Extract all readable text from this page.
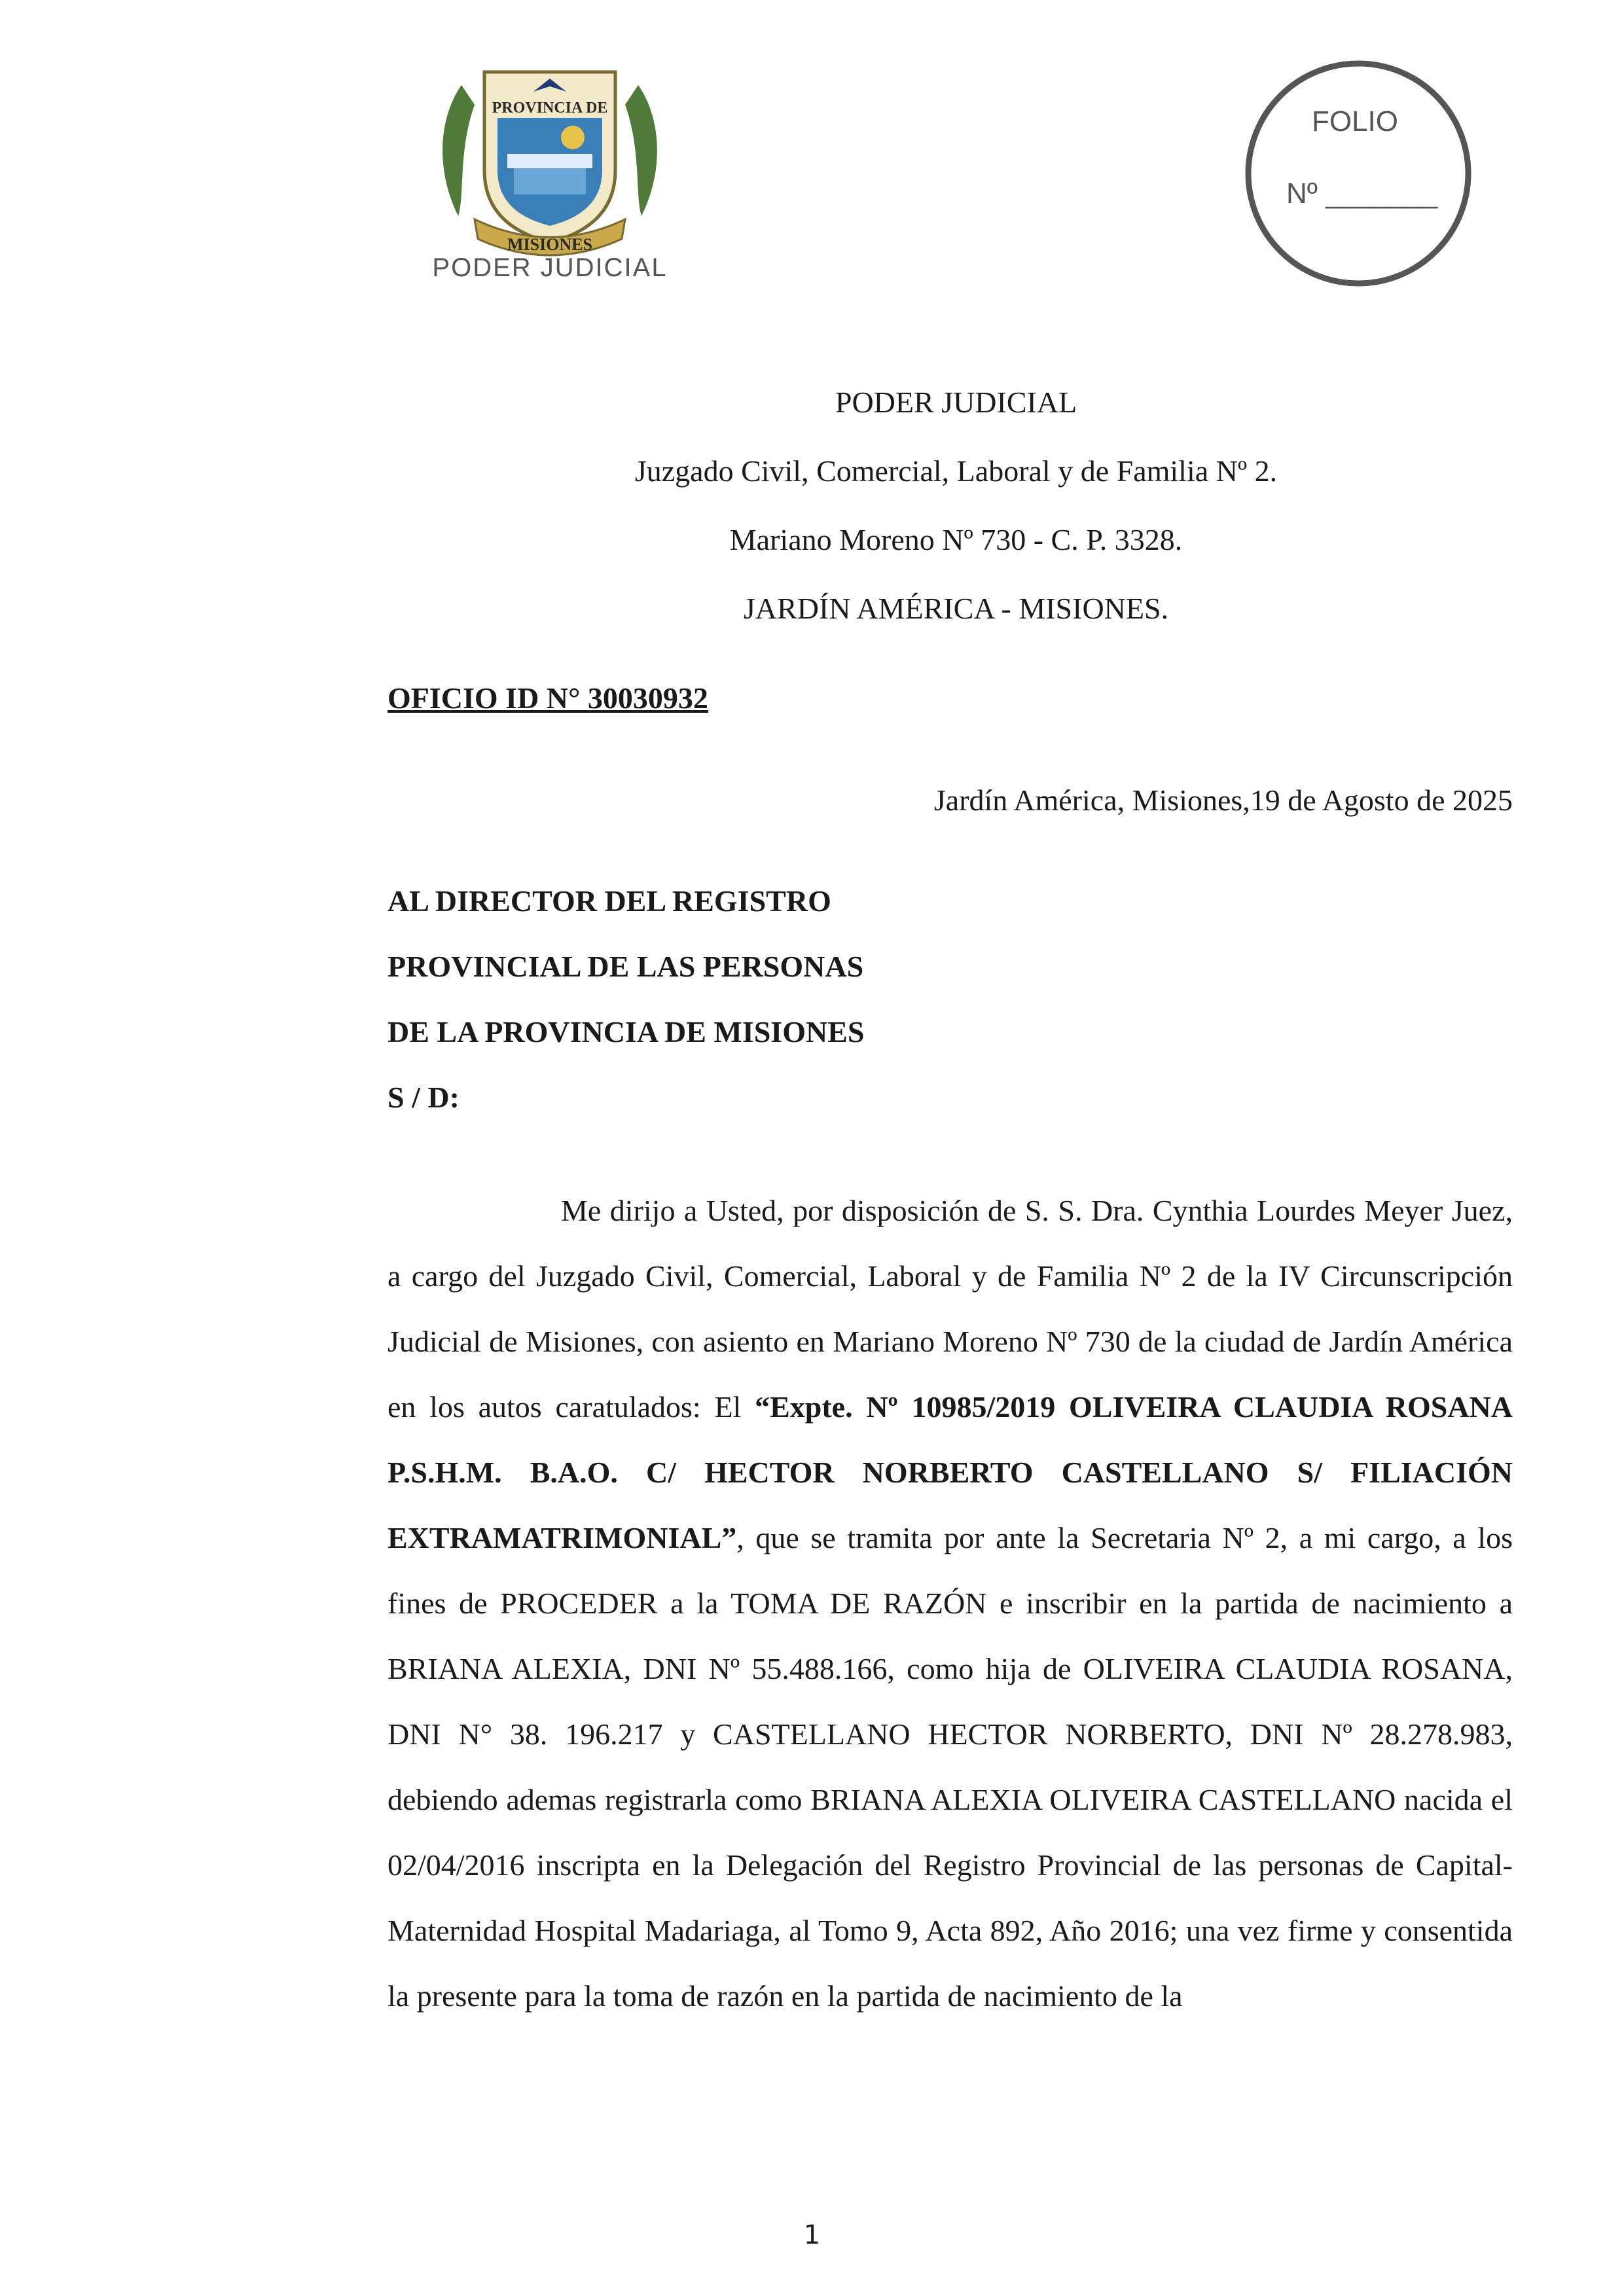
PROVINCIA DE
MISIONES
PODER JUDICIAL
FOLIO
Nº _______
PODER JUDICIAL
Juzgado Civil, Comercial, Laboral y de Familia Nº 2.
Mariano Moreno Nº 730 - C. P. 3328.
JARDÍN AMÉRICA - MISIONES.
OFICIO ID N° 30030932
Jardín América, Misiones,19 de Agosto de 2025
AL DIRECTOR DEL REGISTRO
PROVINCIAL DE LAS PERSONAS
DE LA PROVINCIA DE MISIONES
S / D:
Me dirijo a Usted, por disposición de S. S. Dra. Cynthia Lourdes Meyer Juez, a cargo del Juzgado Civil, Comercial, Laboral y de Familia Nº 2 de la IV Circunscripción Judicial de Misiones, con asiento en Mariano Moreno Nº 730 de la ciudad de Jardín América en los autos caratulados: El “Expte. Nº 10985/2019 OLIVEIRA CLAUDIA ROSANA P.S.H.M. B.A.O. C/ HECTOR NORBERTO CASTELLANO S/ FILIACIÓN EXTRAMATRIMONIAL”, que se tramita por ante la Secretaria Nº 2, a mi cargo, a los fines de PROCEDER a la TOMA DE RAZÓN e inscribir en la partida de nacimiento a BRIANA ALEXIA, DNI Nº 55.488.166, como hija de OLIVEIRA CLAUDIA ROSANA, DNI N° 38. 196.217 y CASTELLANO HECTOR NORBERTO, DNI Nº 28.278.983, debiendo ademas registrarla como BRIANA ALEXIA OLIVEIRA CASTELLANO nacida el 02/04/2016 inscripta en la Delegación del Registro Provincial de las personas de Capital-Maternidad Hospital Madariaga, al Tomo 9, Acta 892, Año 2016; una vez firme y consentida la presente para la toma de razón en la partida de nacimiento de la
1
